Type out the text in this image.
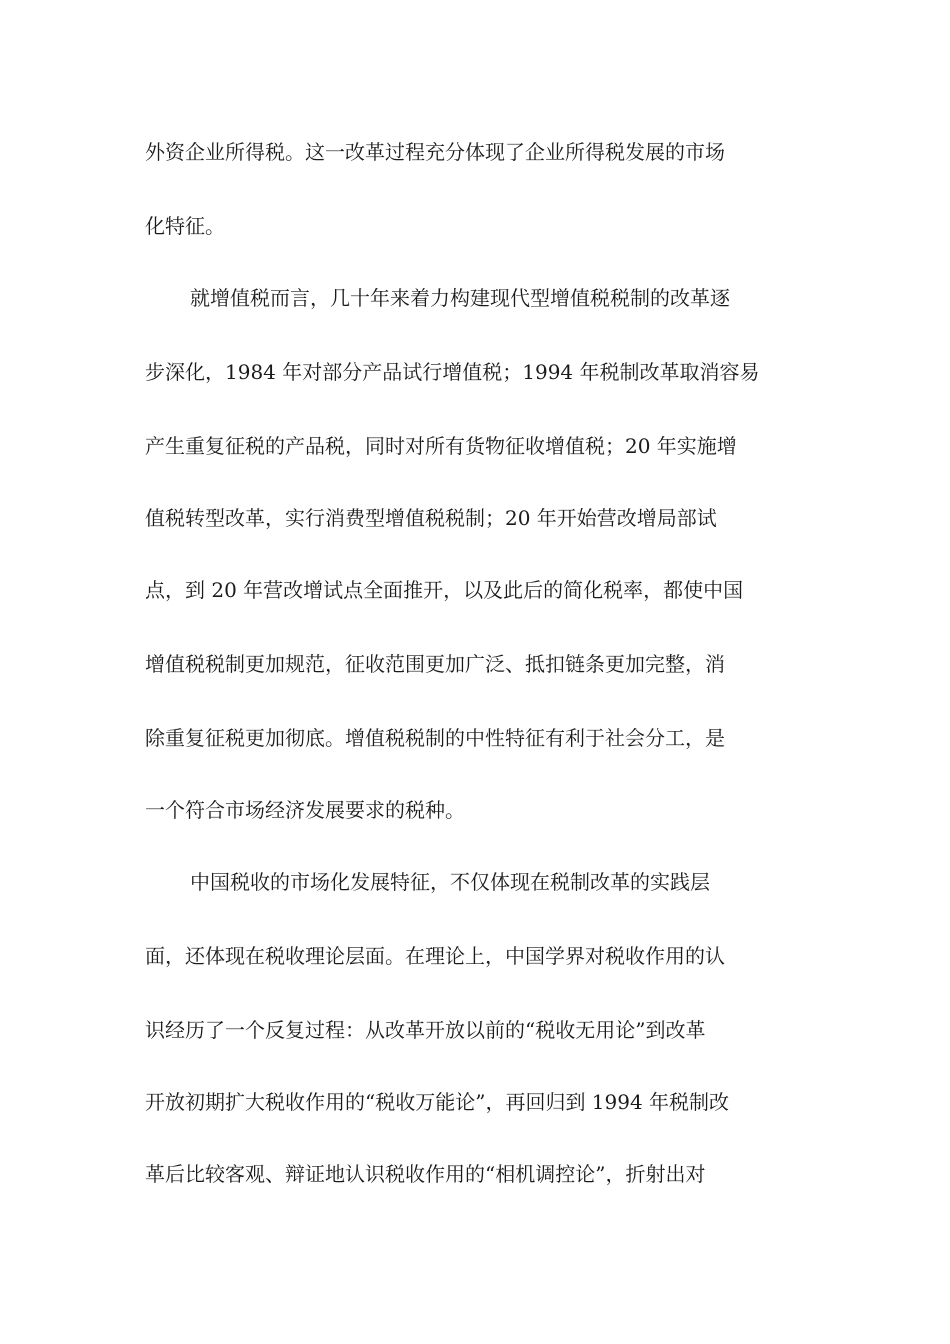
外资企业所得税。这一改革过程充分体现了企业所得税发展的市场
化特征。
就增值税而言，几十年来着力构建现代型增值税税制的改革逐
步深化，1984 年对部分产品试行增值税；1994 年税制改革取消容易
产生重复征税的产品税，同时对所有货物征收增值税；20 年实施增
值税转型改革，实行消费型增值税税制；20 年开始营改增局部试
点，到 20 年营改增试点全面推开，以及此后的简化税率，都使中国
增值税税制更加规范，征收范围更加广泛、抵扣链条更加完整，消
除重复征税更加彻底。增值税税制的中性特征有利于社会分工，是
一个符合市场经济发展要求的税种。
中国税收的市场化发展特征，不仅体现在税制改革的实践层
面，还体现在税收理论层面。在理论上，中国学界对税收作用的认
识经历了一个反复过程：从改革开放以前的“税收无用论”到改革
开放初期扩大税收作用的“税收万能论”，再回归到 1994 年税制改
革后比较客观、辩证地认识税收作用的“相机调控论”，折射出对
